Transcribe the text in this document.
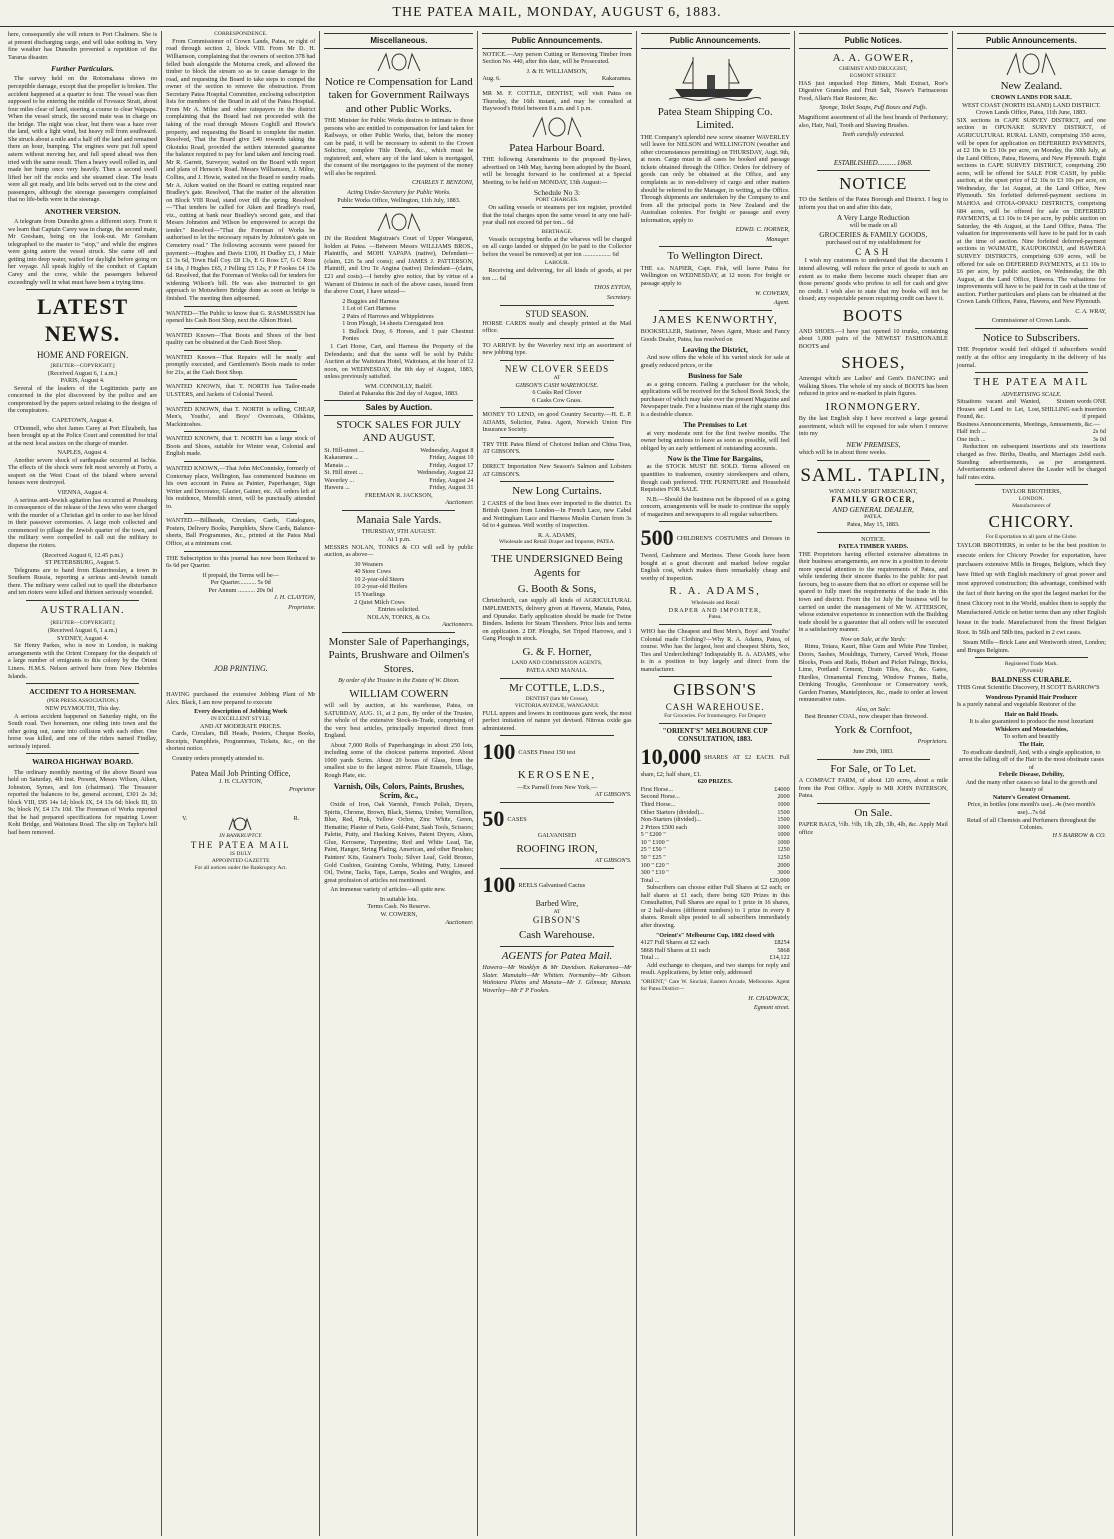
THE PATEA MAIL, MONDAY, AUGUST 6, 1883.

here, consequently she will return to Port Chalmers. She is at present discharging cargo, and will take nothing in. Very fine weather has Dunedin prevented a repetition of the Tararua disaster.

Further Particulars.

The survey held on the Rotomahana shows no perceptible damage, except that the propeller is broken. The accident happened at a quarter to four. The vessel was then supposed to be entering the middle of Foveaux Strait, about four miles clear of land, steering a course to clear Waipapa. When the vessel struck, the second mate was in charge on the bridge. The night was clear, but there was a haze over the land, with a light wind, but heavy roll from southward. She struck about a mile and a half off the land and remained there an hour, bumping. The engines were put full speed astern without moving her, and full speed ahead was then tried with the same result. Then a heavy swell rolled in, and made her bump once very heavily. Then a second swell lifted her off the rocks and she steamed clear. The boats were all got ready, and life belts served out to the crew and passengers, although the steerage passengers complained that no life-belts were in the steerage.

ANOTHER VERSION.

A telegram from Dunedin gives a different story. From it we learn that Captain Carey was in charge, the second mate, Mr Gresham, being on the look-out. Mr Gresham telegraphed to the master to "stop," and while the engines were going astern the vessel struck. She came off and getting into deep water, waited for daylight before going on her voyage. All speak highly of the conduct of Captain Carey and the crew, while the passengers behaved exceedingly well in what must have been a trying time.

LATEST NEWS.
HOME AND FOREIGN.
[REUTER—COPYRIGHT.]
(Received August 6, 1 a.m.)
PARIS, August 4.

Several of the leaders of the Legitimists party are concerned in the plot discovered by the police and are compromised by the papers seized relating to the designs of the conspirators.

CAPETOWN, August 4.

O'Donnell, who shot James Carey at Port Elizabeth, has been brought up at the Police Court and committed for trial at the next local assizes on the charge of murder.

NAPLES, August 4.

Another severe shock of earthquake occurred at Ischia. The effects of the shock were felt most severely at Forio, a seaport on the West Coast of the island where several houses were destroyed.

VIENNA, August 4.

A serious anti-Jewish agitation has occurred at Pressburg in consequence of the release of the Jews who were charged with the murder of a Christian girl in order to use her blood in their passover ceremonies. A large mob collected and commenced to pillage the Jewish quarter of the town, and the military were compelled to call out the military to disperse the rioters.

(Received August 6, 12.45 p.m.)
ST PETERSBURG, August 5.

Telegrams are to hand from Ekaterinoslav, a town in Southern Russia, reporting a serious anti-Jewish tumult there. The military were called out to quell the disturbance and ten rioters were killed and thirteen seriously wounded.

AUSTRALIAN.
[REUTER—COPYRIGHT.]
(Received August 6, 1 a.m.)
SYDNEY, August 4.

Sir Henry Parkes, who is now in London, is making arrangements with the Orient Company for the despatch of a large number of emigrants to this colony by the Orient Liners. H.M.S. Nelson arrived here from New Hebrides Islands.

ACCIDENT TO A HORSEMAN.
(PER PRESS ASSOCIATION.)
NEW PLYMOUTH, This day.

A serious accident happened on Saturday night, on the South road. Two horsemen, one riding into town and the other going out, came into collision with each other. One horse was killed, and one of the riders named Findlay, seriously injured.

WAIROA HIGHWAY BOARD.

The ordinary monthly meeting of the above Board was held on Saturday, 4th inst. Present, Messrs Wilson, Aiken, Johnston, Symes, and Ion (chairman). The Treasurer reported the balances to be, general account, £301 2s 3d; block VIII, £95 14s 1d; block IX, £4 13s 6d; block III, £6 9s; block IV, £4 17s 10d. The Foreman of Works reported that he had prepared specifications for repairing Lower Kohi Bridge, and Waitotara Road. The slip on Taylor's hill had been removed.

CORRESPONDENCE.

From Commissioner of Crown Lands, Patea, re right of road through section 2, block VIII. From Mr D. H. Williamson, complaining that the owners of section 378 had felled bush alongside the Moturoa creek, and allowed the timber to block the stream so as to cause damage to the road, and requesting the Board to take steps to compel the owner of the section to remove the obstruction. From Secretary Patea Hospital Committee, enclosing subscription lists for members of the Board in aid of the Patea Hospital. From Mr A. Milne and other ratepayers in the district complaining that the Board had not proceeded with the taking of the road through Messrs Coghill and Howie's property, and requesting the Board to complete the matter. Resolved, That the Board give £40 towards taking the Okotuku Road, provided the settlers interested guarantee the balance required to pay for land taken and fencing road. Mr R. Garrett, Surveyor, waited on the Board with report and plans of Henson's Road. Messrs Williamson, J. Milne, Collins, and J. Howie, waited on the Board re sundry roads. Mr A. Aiken waited on the Board re cutting required near Bradley's gate. Resolved, That the matter of the alteration on Block VIII Road, stand over till the spring. Resolved—"That tenders be called for Aiken and Bradley's road, viz., cutting at bank near Bradley's second gate, and that Messrs Johnston and Wilson be empowered to accept the tender." Resolved—"That the Foreman of Works be authorised to let the necessary repairs by Johnston's gate on Cemetery road." The following accounts were passed for payment:—Hughes and Davis £100, H Dudley £3, J Muir £1 3s 6d, Town Hall Coy. £8 13s, E G Ross £7, G C Ross £4 18s, J Hughes £65, J Pelling £5 12s, F P Fookes £4 13s 6d. Resolved, that the Foreman of Works call for tenders for widening Wilson's hill. He was also instructed to get approach to Motuwhero Bridge done as soon as bridge is finished. The meeting then adjourned.

WANTED—The Public to know that G. RASMUSSEN has opened his Cash Boot Shop, next the Albion Hotel.

WANTED Known—That Boots and Shoes of the best quality can be obtained at the Cash Boot Shop.

WANTED Known—That Repairs will be neatly and promptly executed, and Gentlemen's Boots made to order for 21s, at the Cash Boot Shop.

WANTED KNOWN, that T. NORTH has Tailor-made ULSTERS, and Jackets of Colonial Tweed.

WANTED KNOWN, that T. NORTH is selling, CHEAP, Men's, Youths', and Boys' Overcoats, Oilskins, Mackintoshes.

WANTED KNOWN, that T. NORTH has a large stock of Boots and Shoes, suitable for Winter wear, Colonial and English made.

WANTED KNOWN,—That John McConnisky, formerly of Contornay place, Wellington, has commenced business on his own account in Patea as Painter, Paperhanger, Sign Writer and Decorator, Glazier, Gainer, etc. All orders left at his residence, Meredith street, will be punctually attended to.

WANTED.—Billheads, Circulars, Cards, Catalogues, Posters, Delivery Books, Pamphlets, Show Cards, Balance-sheets, Ball Programmes, &c., printed at the Patea Mail Office, at a minimum cost.

THE Subscription to this journal has now been Reduced to 6s 6d per Quarter.

If prepaid, the Terms will be—
Per Quarter........... 5s 0d
Per Annum ........... 20s 0d
J. H. CLAYTON,
Proprietor.
JOB PRINTING.

HAVING purchased the extensive Jobbing Plant of Mr Alex. Black, I am now prepared to execute

Every description of Jobbing Work
IN EXCELLENT STYLE,
AND AT MODERATE PRICES.

Cards, Circulars, Bill Heads, Posters, Cheque Books, Receipts, Pamphlets, Programmes, Tickets, &c., on the shortest notice.

Country orders promptly attended to.

Patea Mail Job Printing Office,
J. H. CLAYTON,
Proprietor
V.	R.
IN BANKRUPTCY.
THE PATEA MAIL
IS DULY
APPOINTED GAZETTE
For all notices under the Bankruptcy Act.
Miscellaneous.
Notice re Compensation for Land taken for Government Railways and other Public Works.

THE Minister for Public Works desires to intimate to those persons who are entitled to compensation for land taken for Railways, or other Public Works, that, before the money can be paid, it will be necessary to submit to the Crown Solicitor, complete Title Deeds, &c., which must be registered; and, where any of the land taken is mortgaged, the consent of the mortgagees to the payment of the money will also be required.

CHARLES T. BENZONI,
Acting Under-Secretary for Public Works.
Public Works Office, Wellington, 11th July, 1883.

IN the Resident Magistrate's Court of Upper Wanganui, holden at Patea. —Between Messrs WILLIAMS BROS., Plaintiffs, and MOHI YAPAPA (native), Defendant—(claim, £26 5s and costs); and JAMES J. PATTERSON, Plaintiff, and Uru Te Angina (native) Defendant—(claim, £21 and costs).—I hereby give notice, that by virtue of a Warrant of Distress in each of the above cases, issued from the above Court, I have seized—

2 Buggies and Harness
1 Lot of Cart Harness
2 Pairs of Harrows and Whippletrees
1 Iron Plough, 14 sheets Corrugated Iron
1 Bullock Dray, 6 Horses, and 1 pair Chestnut Ponies

1 Cart Horse, Cart, and Harness the Property of the Defendants; and that the same will be sold by Public Auction at the Waitotara Hotel, Waitotara, at the hour of 12 noon, on WEDNESDAY, the 8th day of August, 1883, unless previously satisfied.

WM. CONNOLLY, Bailiff.
Dated at Pakaraka this 2nd day of August, 1883.
Sales by Auction.
STOCK SALES FOR JULY AND AUGUST.
St. Hill-street ...	Wednesday, August 8
Kakaramea ...	Friday, August 10
Manaia ...	Friday, August 17
St. Hill street ...	Wednesday, August 22
Waverley ...	Friday, August 24
Hawera ...	Friday, August 31
FREEMAN R. JACKSON,
Auctioneer.
Manaia Sale Yards.
THURSDAY, 9TH AUGUST.
At 1 p.m.

MESSRS NOLAN, TONKS & CO will sell by public auction, as above—

30 Weaners
40 Store Cows
10 2-year-old Steers
10 2-year-old Heifers
15 Yearlings
2 Quiet Milch Cows
Entries solicited.
NOLAN, TONKS, & Co.
Auctioneers.
Monster Sale of Paperhangings, Paints, Brushware and Oilmen's Stores.
By order of the Trustee in the Estate of W. Dixon.
WILLIAM COWERN

will sell by auction, at his warehouse, Patea, on SATURDAY, AUG. 11, at 2 p.m., By order of the Trustee, the whole of the extensive Stock-in-Trade, comprising of the very best articles, principally imported direct from England.

About 7,000 Rolls of Paperhangings in about 250 lots, including some of the choicest patterns imported. About 1000 yards Scrim. About 20 boxes of Glass, from the smallest size to the largest mirror. Plain Enamels, Ullage, Rough Plate, etc.

Varnish, Oils, Colors, Paints, Brushes, Scrim, &c.,

Oxide of Iron, Oak Varnish, French Polish, Dryers, Spirits, Chrome, Brown, Black, Sienna, Umber, Vermillion, Blue, Red, Pink, Yellow Ochre, Zinc White, Green, Hematite; Plaster of Paris, Gold-Paint, Sash Tools, Scissors; Palette, Putty, and Hacking Knives, Patent Dryers, Alum, Glue, Kerosene, Turpentine, Red and White Lead, Tar, Paint, Hanger, String Plating, American, and other Brushes; Painters' Kits, Grainer's Tools; Silver Leaf, Gold Bronze, Gold Cushion, Graining Combs, Whiting, Putty, Linseed Oil, Twine, Tacks, Taps, Lamps, Scales and Weights, and great profusion of articles not mentioned.

An immense variety of articles—all quite new.

In suitable lots.
Terms Cash. No Reserve.
W. COWERN,
Auctioneer.
Public Announcements.

NOTICE.—Any person Cutting or Removing Timber from Section No. 440, after this date, will be Prosecuted.

J. & H. WILLIAMSON,
Aug. 6.	Kakaramea.

MR M. F. COTTLE, DENTIST, will visit Patea on Thursday, the 16th instant, and may be consulted at Haywood's Hotel between 8 a.m. and 1 p.m.

Patea Harbour Board.

THE following Amendments to the proposed By-laws, advertised on 14th May, having been adopted by the Board, will be brought forward to be confirmed at a Special Meeting, to be held on MONDAY, 13th August:—

Schedule No 3:
PORT CHARGES.

On sailing vessels or steamers per ton register, provided that the total charges upon the same vessel in any one half-year shall not exceed 6d per ton... 6d

BERTHAGE.

Vessels occupying berths at the wharves will be charged on all cargo landed or shipped (to be paid to the Collector before the vessel be removed) at per ton .................. 6d

LABOUR.

Receiving and delivering, for all kinds of goods, at per ton .... 6d

THOS EYTON,
Secretary.
STUD SEASON.

HORSE CARDS neatly and cheaply printed at the Mail office.

TO ARRIVE by the Waverley next trip an assortment of new jobbing type.

NEW CLOVER SEEDS
AT
GIBSON'S CASH WAREHOUSE.
6 Casks Red Clover
6 Casks Cow Grass.

MONEY TO LEND, on good Country Security.—H. E. P. ADAMS, Solicitor, Patea. Agent, Norwich Union Fire Insurance Society.

TRY THE Patea Blend of Choicest Indian and China Teas, AT GIBSON'S.

DIRECT Importation New Season's Salmon and Lobsters AT GIBSON'S.

New Long Curtains.

2 CASES of the best lines ever imported to the district. Ex British Queen from London—In French Lace, new Cabul and Nottingham Lace and Harness Muslin Curtain from 3s 6d to 4 guineas. Well worthy of inspection.

R. A. ADAMS,
Wholesale and Retail Draper and Importer, PATEA.
THE UNDERSIGNED Being Agents for
G. Booth & Sons,

Christchurch, can supply all kinds of AGRICULTURAL IMPLEMENTS, delivery given at Hawera, Manaia, Patea, and Opunake. Early application should be made for Twine Binders. Indents for Steam Threshers. Price lists and terms on application. 2 DF. Ploughs, Set Tripod Harrows, and 1 Gang Plough in stock.

G. & F. Horner,
LAND AND COMMISSION AGENTS,
PATEA AND MANAIA.
Mr COTTLE, L.D.S.,
DENTIST (late Mr Crosse),
VICTORIA AVENUE, WANGANUI.

FULL uppers and lowers in continuous gum work, the most perfect imitation of nature yet devised. Nitrous oxide gas administered.

100 CASES Finest 150 test
KEROSENE,
—Ex Parnell from New York,—
AT GIBSON'S.
50 CASES
GALVANISED
ROOFING IRON,
AT GIBSON'S.
100 REELS Galvanised Cactus
Barbed Wire,
AT
GIBSON'S
Cash Warehouse.
AGENTS for Patea Mail.

Hawera—Mr Wanklyn & Mr Davidson. Kakaramea—Mr Slater. Manutahi—Mr Whitten. Normanby—Mr Gibson. Waitotara Plains and Manaia—Mr J. Gilmour, Manaia. Waverley—Mr F P Fookes.

Public Announcements.
Patea Steam Shipping Co. Limited.

THE Company's splendid new screw steamer WAVERLEY will leave for NELSON and WELLINGTON (weather and other circumstances permitting) on THURSDAY, Augt. 9th, at noon. Cargo must in all cases be booked and passage tickets obtained through the Office. Orders for delivery of goods can only be obtained at the Office, and any complaints as to non-delivery of cargo and other matters should be referred to the Manager, in writing, at the Office. Through shipments are undertaken by the Company to and from all the principal ports in New Zealand and the Australian colonies. For freight or passage and every information, apply to

EDWD. C. HORNER,
Manager.
To Wellington Direct.

THE s.s. NAPIER, Capt. Fisk, will leave Patea for Wellington on WEDNESDAY, at 12 noon. For freight or passage apply to

W. COWERN,
Agent.
JAMES KENWORTHY,

BOOKSELLER, Stationer, News Agent, Music and Fancy Goods Dealer, Patea, has resolved on

Leaving the District,

And now offers the whole of his varied stock for sale at greatly reduced prices, or the

Business for Sale

as a going concern. Failing a purchaser for the whole, applications will be received for the School Book Stock, the purchaser of which may take over the present Magazine and Newspaper trade. For a business man of the right stamp this is a desirable chance.

The Premises to Let

at very moderate rent for the first twelve months. The owner being anxious to leave as soon as possible, will feel obliged by an early settlement of outstanding accounts.

Now is the Time for Bargains,

as the STOCK MUST BE SOLD. Terms allowed on quantities to tradesmen, country storekeepers and others, though cash preferred. THE FURNITURE and Household Requisites FOR SALE.

N.B.—Should the business not be disposed of as a going concern, arrangements will be made to continue the supply of magazines and newspapers to all regular subscribers.

500 CHILDREN'S COSTUMES and Dresses in Tweed, Cashmere and Merinos. These Goods have been bought at a great discount and marked below regular English cost, which makes them remarkably cheap and worthy of inspection.
R. A. ADAMS,
Wholesale and Retail
DRAPER AND IMPORTER,
Patea.

WHO has the Cheapest and Best Men's, Boys' and Youths' Colonial made Clothing?—Why R. A. Adams, Patea, of course. Who has the largest, best and cheapest Shirts, Sox, Ties and Underclothing? Indisputably R. A. ADAMS, who is in a position to buy largely and direct from the manufacturer.

GIBSON'S
CASH WAREHOUSE.
For Groceries. For Ironmongery. For Drapery
"ORIENT'S" MELBOURNE CUP CONSULTATION, 1883.
10,000 SHARES AT £2 EACH. Full share, £2; half share, £1.
620 PRIZES.
First Horse...	£4000
Second Horse...	2000
Third Horse...	1000
Other Starters (divided)...	1500
Non-Starters (divided)...	1500
2 Prizes £500 each	1000
5 " £200 "	1000
10 " £100 "	1000
25 " £50 "	1250
50 " £25 "	1250
100 " £20 "	2000
300 " £10 "	3000
Total ...	£20,000

Subscribers can choose either Full Shares at £2 each; or half shares at £1 each, there being 620 Prizes in this Consultation, Full Shares are equal to 1 prize in 16 shares, or 2 half-shares (different numbers) to 1 prize in every 8 shares. Result slips posted to all subscribers immediately after drawing.

"Orient's" Melbourne Cup, 1882 closed with
4127 Full Shares at £2 each	£8254
5868 Half Shares at £1 each	5868
Total ...	£14,122

Add exchange to cheques, and two stamps for reply and result. Applications, by letter only, addressed

"ORIENT," Care W. Sinclair, Eastern Arcade, Melbourne. Agent for Patea District—

H. CHADWICK,
Egmont street.
Public Notices.
A. A. GOWER,
CHEMIST AND DRUGGIST,
EGMONT STREET.

HAS just unpacked Hop Bitters, Malt Extract, Roe's Digestive Granules and Fruit Salt, Neave's Farinaceous Food, Allan's Hair Restorer, &c.

Sponge, Toilet Soaps, Puff Boxes and Puffs.

Magnificent assortment of all the best brands of Perfumery; also, Hair, Nail, Tooth and Shaving Brushes.

Teeth carefully extracted.
ESTABLISHED...........1868.
NOTICE

TO the Settlers of the Patea Borough and District. I beg to inform you that on and after this date,

A Very Large Reduction
will be made on all
GROCERIES & FAMILY GOODS,
purchased out of my establishment for
CASH

I wish my customers to understand that the discounts I intend allowing, will reduce the price of goods to such an extent as to make them become much cheaper than are those persons' goods who profess to sell for cash and give no credit. I wish also to state that my books will not be closed; any respectable person requiring credit can have it.

BOOTS

AND SHOES.—I have just opened 10 trunks, containing about 1,000 pairs of the NEWEST FASHIONABLE BOOTS and

SHOES,

Amongst which are Ladies' and Gent's DANCING and Walking Shoes. The whole of my stock of BOOTS has been reduced in price and re-marked in plain figures.

IRONMONGERY.

By the last English ship I have received a large general assortment, which will be exposed for sale when I remove into my

NEW PREMISES,

which will be in about three weeks.

SAML. TAPLIN,
WINE AND SPIRIT MERCHANT,
FAMILY GROCER,
AND GENERAL DEALER,
PATEA.
Patea, May 15, 1883.
NOTICE.
PATEA TIMBER YARDS.

THE Proprietors having effected extensive alterations in their business arrangements, are now in a position to devote more special attention to the requirements of Patea, and while tendering their sincere thanks to the public for past favours, beg to assure them that no effort or expense will be spared to fully meet the requirements of the trade in this town and district. From the 1st July the business will be carried on under the management of Mr W. ATTERSON, whose extensive experience in connection with the Building trade should be a guarantee that all orders will be executed in a satisfactory manner.

Now on Sale, at the Yards:

Rimu, Totara, Kauri, Blue Gum and White Pine Timber, Doors, Sashes, Mouldings, Turnery, Carved Work, House Blocks, Posts and Rails, Hobart and Picket Palings, Bricks, Lime, Portland Cement, Drain Tiles, &c., &c. Gates, Hurdles, Ornamental Fencing, Window Frames, Baths, Drinking Troughs, Greenhouse or Conservatory work, Garden Frames, Mantelpieces, &c., made to order at lowest remunerative rates.

Also, on Sale:

Best Brunner COAL, now cheaper than firewood.

York & Cornfoot,
Proprietors.
June 29th, 1883.
For Sale, or To Let.

A COMPACT FARM, of about 120 acres, about a mile from the Post Office. Apply to MR JOHN PATERSON, Patea.

On Sale.

PAPER BAGS, ½lb. ½lb, 1lb, 2lb, 3lb, 4lb, &c. Apply Mail office

Public Announcements.
New Zealand.
CROWN LANDS FOR SALE.
WEST COAST (NORTH ISLAND) LAND DISTRICT.
Crown Lands Office, Patea, 11th June, 1883.

SIX sections in CAPE SURVEY DISTRICT, and one section in OPUNAKE SURVEY DISTRICT, of AGRICULTURAL RURAL LAND, comprising 350 acres, will be open for application on DEFERRED PAYMENTS, at £2 10s to £3 10s per acre, on Monday, the 30th July, at the Land Offices, Patea, Hawera, and New Plymouth. Eight sections in CAPE SURVEY DISTRICT, comprising 290 acres, will be offered for SALE FOR CASH, by public auction, at the upset price of £2 10s to £3 10s per acre, on Wednesday, the 1st August, at the Land Office, New Plymouth. Six forfeited deferred-payment sections in MAHOA and OTOIA-OPAKU DISTRICTS, comprising 684 acres, will be offered for sale on DEFERRED PAYMENTS, at £1 10s to £4 per acre, by public auction on Saturday, the 4th August, at the Land Office, Patea. The valuation for improvements will have to be paid for in cash at the time of auction. Nine forfeited deferred-payment sections in WAIMATE, KAUPOKONUI, and HAWERA SURVEY DISTRICTS, comprising 639 acres, will be offered for sale on DEFERRED PAYMENTS, at £1 10s to £6 per acre, by public auction, on Wednesday, the 8th August, at the Land Office, Hawera. The valuations for improvements will have to be paid for in cash at the time of auction. Further particulars and plans can be obtained at the Crown Lands Offices, Patea, Hawera, and New Plymouth.

C. A. WRAY,
Commissioner of Crown Lands.
Notice to Subscribers.

THE Proprietor would feel obliged if subscribers would notify at the office any irregularity in the delivery of his journal.

THE PATEA MAIL
ADVERTISING SCALE.
Situations vacant and Wanted, Houses and Land to Let, Lost, Found, &c.
Sixteen words ONE SHILLING each insertion if prepaid
Business Announcements, Meetings, Amusements, &c.—
Half inch ...	2s 6d
One inch ...	3s 0d

Reduction on subsequent insertions and six insertions charged as five. Births, Deaths, and Marriages 2s6d each. Standing advertisements, as per arrangement. Advertisements ordered above the Leader will be charged half rates extra.

TAYLOR BROTHERS,
LONDON.
Manufacturers of
CHICORY.
For Exportation to all parts of the Globe.

TAYLOR BROTHERS, in order to be the best position to execute orders for Chicory Powder for exportation, have purchasers extensive Mills in Bruges, Belgium, which they have fitted up with English machinery of great power and most approved construction; this advantage, combined with the fact of their having on the spot the largest market for the finest Chicory root in the World, enables them to supply the Manufactured Article on better terms than any other English house in the trade. Manufactured from the finest Belgian Root. In 56lb and 58lb tins, packed in 2 cwt cases.

Steam Mills—Brick Lane and Wentworth street, London; and Bruges Belgium.

Registered Trade Mark.
(Pyramid)
BALDNESS CURABLE.

THIS Great Scientific Discovery, H SCOTT BARROW'S

Wondrous Pyramid Hair Producer

Is a purely natural and vegetable Restorer of the

Hair on Bald Heads.
It is also guaranteed to produce the most luxuriant
Whiskers and Moustachios,
To soften and beautify
The Hair,
To eradicate dandruff, And, with a single application, to arrest the falling off of the Hair in the most obstinate cases of
Febrile Disease, Debility,
And the many other causes so fatal to the growth and beauty of
Nature's Greatest Ornament.
Price, in bottles (one month's use)...4s (two month's use)...7s 6d
Retail of all Chemists and Perfumers throughout the Colonies.
H S BARROW & CO.
